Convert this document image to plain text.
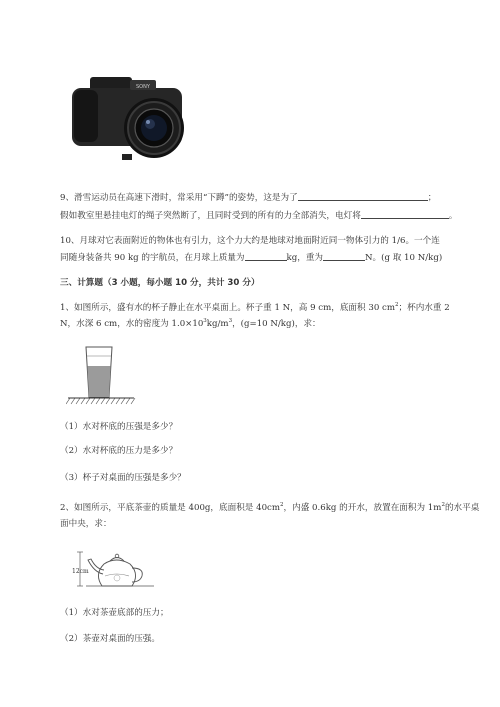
SONY
9、滑雪运动员在高速下滑时，常采用“下蹲”的姿势，这是为了	；
假如教室里悬挂电灯的绳子突然断了，且同时受到的所有的力全部消失，电灯将	。
10、月球对它表面附近的物体也有引力，这个力大约是地球对地面附近同一物体引力的 1/6。一个连
同随身装备共 90 kg 的宇航员，在月球上质量为	kg，重为	N。(g 取 10 N/kg)
三、计算题（3 小题，每小题 10 分，共计 30 分）
1、如图所示，盛有水的杯子静止在水平桌面上。杯子重 1 N，高 9 cm，底面积 30 $cm^2$；杯内水重 2
N，水深 6 cm，水的密度为 $1.0\times 10^3kg/m^3$，(g=10 N/kg)，求：
（1）水对杯底的压强是多少？
（2）水对杯底的压力是多少？
（3）杯子对桌面的压强是多少？
2、如图所示，平底茶壶的质量是 400g，底面积是 $40cm^2$，内盛 0.6kg 的开水，放置在面积为 $1m^2$的水平桌
面中央，求：
12cm
（1）水对茶壶底部的压力；
（2）茶壶对桌面的压强。
